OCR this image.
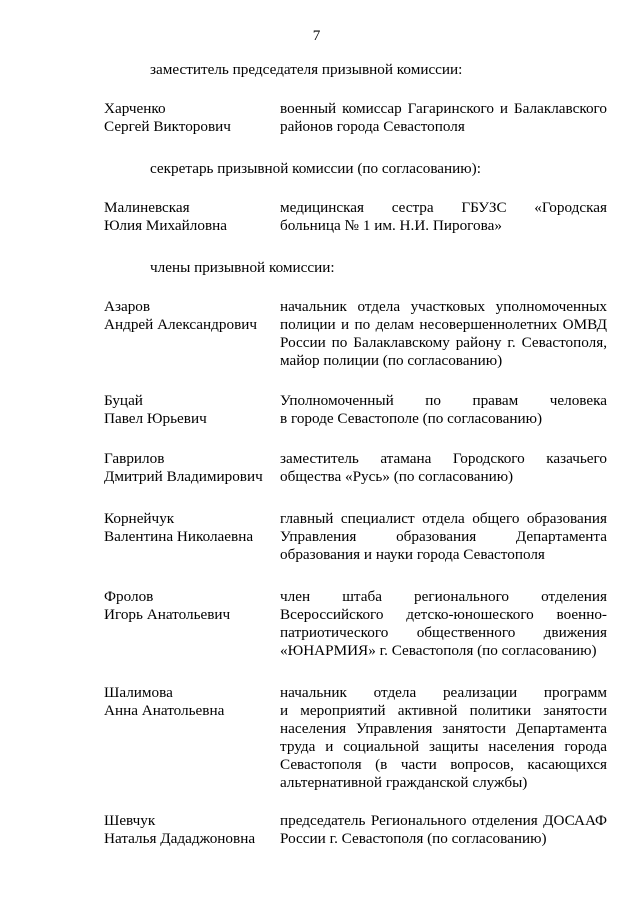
7
заместитель председателя призывной комиссии:
Харченко
Сергей Викторович
военный комиссар Гагаринского и Балаклавского
районов города Севастополя
секретарь призывной комиссии (по согласованию):
Малиневская
Юлия Михайловна
медицинская сестра ГБУЗС «Городская
больница № 1 им. Н.И. Пирогова»
члены призывной комиссии:
Азаров
Андрей Александрович
начальник отдела участковых уполномоченных
полиции и по делам несовершеннолетних ОМВД
России по Балаклавскому району г. Севастополя,
майор полиции (по согласованию)
Буцай
Павел Юрьевич
Уполномоченный по правам человека
в городе Севастополе (по согласованию)
Гаврилов
Дмитрий Владимирович
заместитель атамана Городского казачьего
общества «Русь» (по согласованию)
Корнейчук
Валентина Николаевна
главный специалист отдела общего образования
Управления образования Департамента
образования и науки города Севастополя
Фролов
Игорь Анатольевич
член штаба регионального отделения
Всероссийского детско-юношеского военно-
патриотического общественного движения
«ЮНАРМИЯ» г. Севастополя (по согласованию)
Шалимова
Анна Анатольевна
начальник отдела реализации программ
и мероприятий активной политики занятости
населения Управления занятости Департамента
труда и социальной защиты населения города
Севастополя (в части вопросов, касающихся
альтернативной гражданской службы)
Шевчук
Наталья Дададжоновна
председатель Регионального отделения ДОСААФ
России г. Севастополя (по согласованию)
